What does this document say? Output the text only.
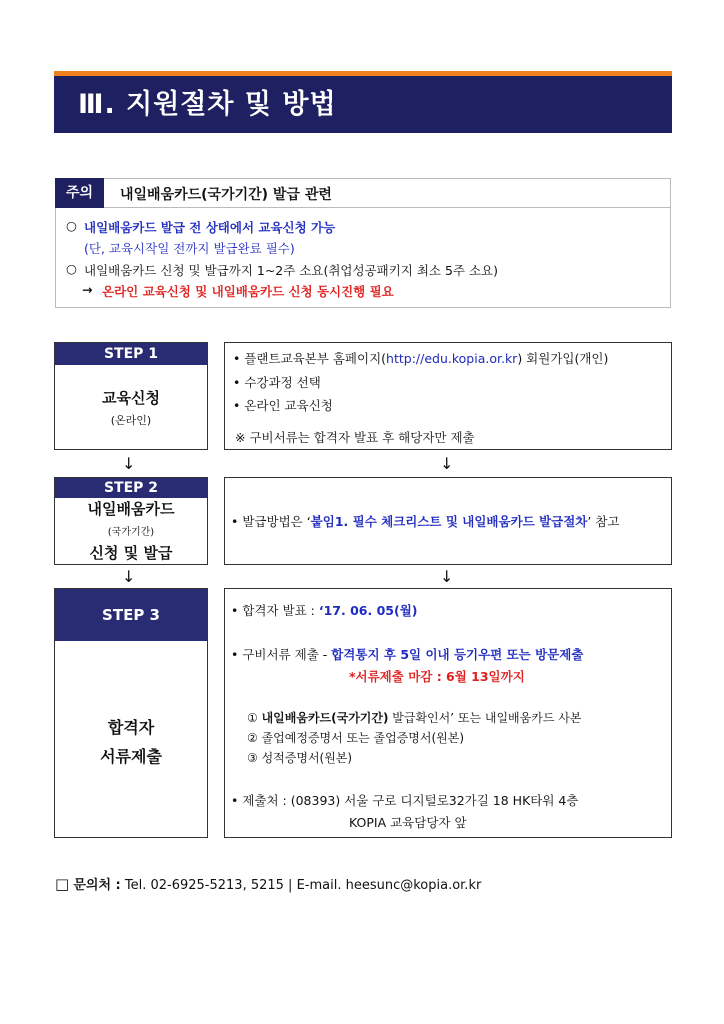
Ⅲ. 지원절차 및 방법
주의	내일배움카드(국가기간) 발급 관련
○ 내일배움카드 발급 전 상태에서 교육신청 가능
(단, 교육시작일 전까지 발급완료 필수)
○ 내일배움카드 신청 및 발급까지 1~2주 소요(취업성공패키지 최소 5주 소요)
→ 온라인 교육신청 및 내일배움카드 신청 동시진행 필요
STEP 1
교육신청
(온라인)
• 플랜트교육본부 홈페이지(http://edu.kopia.or.kr) 회원가입(개인)
• 수강과정 선택
• 온라인 교육신청
※ 구비서류는 합격자 발표 후 해당자만 제출
↓	↓
STEP 2
내일배움카드
(국가기간)
신청 및 발급
• 발급방법은 ‘붙임1. 필수 체크리스트 및 내일배움카드 발급절차’ 참고
↓	↓
STEP 3
합격자
서류제출
• 합격자 발표 : ‘17. 06. 05(월)
• 구비서류 제출 - 합격통지 후 5일 이내 등기우편 또는 방문제출
*서류제출 마감 : 6월 13일까지
① 내일배움카드(국가기간) 발급확인서’ 또는 내일배움카드 사본
② 졸업예정증명서 또는 졸업증명서(원본)
③ 성적증명서(원본)
• 제출처 : (08393) 서울 구로 디지털로32가길 18 HK타워 4층
KOPIA 교육담당자 앞
□ 문의처 : Tel. 02-6925-5213, 5215 | E-mail. heesunc@kopia.or.kr
